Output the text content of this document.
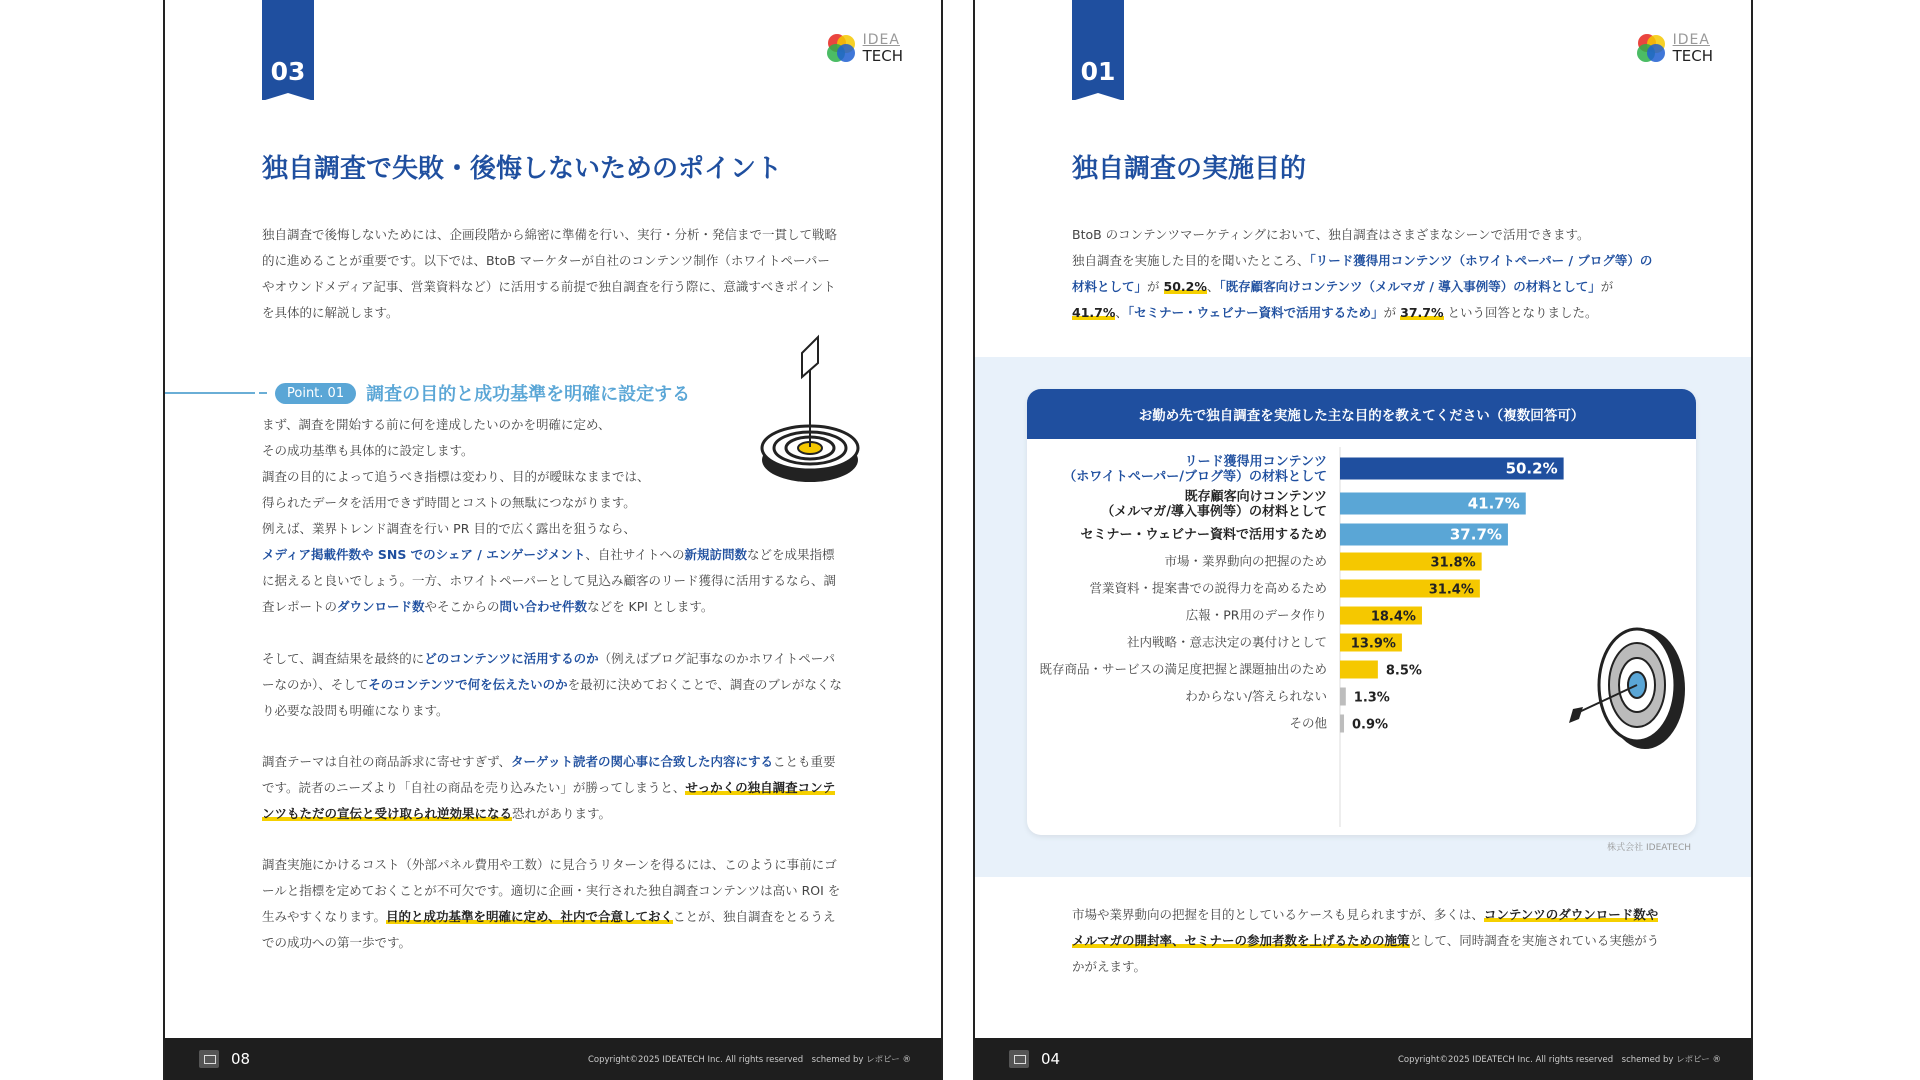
03
IDEA
TECH
独自調査で失敗・後悔しないためのポイント
独自調査で後悔しないためには、企画段階から綿密に準備を行い、実行・分析・発信まで一貫して戦略的に進めることが重要です。以下では、BtoB マーケターが自社のコンテンツ制作（ホワイトペーパーやオウンドメディア記事、営業資料など）に活用する前提で独自調査を行う際に、意識すべきポイントを具体的に解説します。
Point. 01	調査の目的と成功基準を明確に設定する
まず、調査を開始する前に何を達成したいのかを明確に定め、
その成功基準も具体的に設定します。
調査の目的によって追うべき指標は変わり、目的が曖昧なままでは、
得られたデータを活用できず時間とコストの無駄につながります。
例えば、業界トレンド調査を行い PR 目的で広く露出を狙うなら、
メディア掲載件数や SNS でのシェア / エンゲージメント、自社サイトへの新規訪問数などを成果指標に据えると良いでしょう。一方、ホワイトペーパーとして見込み顧客のリード獲得に活用するなら、調査レポートのダウンロード数やそこからの問い合わせ件数などを KPI とします。
そして、調査結果を最終的にどのコンテンツに活用するのか（例えばブログ記事なのかホワイトペーパーなのか）、そしてそのコンテンツで何を伝えたいのかを最初に決めておくことで、調査のブレがなくなり必要な設問も明確になります。
調査テーマは自社の商品訴求に寄せすぎず、ターゲット読者の関心事に合致した内容にすることも重要です。読者のニーズより「自社の商品を売り込みたい」が勝ってしまうと、せっかくの独自調査コンテンツもただの宣伝と受け取られ逆効果になる恐れがあります。
調査実施にかけるコスト（外部パネル費用や工数）に見合うリターンを得るには、このように事前にゴールと指標を定めておくことが不可欠です。適切に企画・実行された独自調査コンテンツは高い ROI を生みやすくなります。目的と成功基準を明確に定め、社内で合意しておくことが、独自調査をとるうえでの成功への第一歩です。
08	Copyright©2025 IDEATECH Inc. All rights reserved　schemed by レポピー ®
01
IDEA
TECH
独自調査の実施目的
BtoB のコンテンツマーケティングにおいて、独自調査はさまざまなシーンで活用できます。
独自調査を実施した目的を聞いたところ、「リード獲得用コンテンツ（ホワイトペーパー / ブログ等）の材料として」が 50.2%、「既存顧客向けコンテンツ（メルマガ / 導入事例等）の材料として」が 41.7%、「セミナー・ウェビナー資料で活用するため」が 37.7% という回答となりました。
お勤め先で独自調査を実施した主な目的を教えてください（複数回答可）
リード獲得用コンテンツ（ホワイトペーパー/ブログ等）の材料として	50.2%
既存顧客向けコンテンツ（メルマガ/導入事例等）の材料として	41.7%
セミナー・ウェビナー資料で活用するため	37.7%
市場・業界動向の把握のため	31.8%
営業資料・提案書での説得力を高めるため	31.4%
広報・PR用のデータ作り	18.4%
社内戦略・意志決定の裏付けとして 13.9%
既存商品・サービスの満足度把握と課題抽出のため	8.5%
わからない/答えられない 1.3%
その他 0.9%
株式会社 IDEATECH
市場や業界動向の把握を目的としているケースも見られますが、多くは、コンテンツのダウンロード数やメルマガの開封率、セミナーの参加者数を上げるための施策として、同時調査を実施されている実態がうかがえます。
04	Copyright©2025 IDEATECH Inc. All rights reserved　schemed by レポピー ®
